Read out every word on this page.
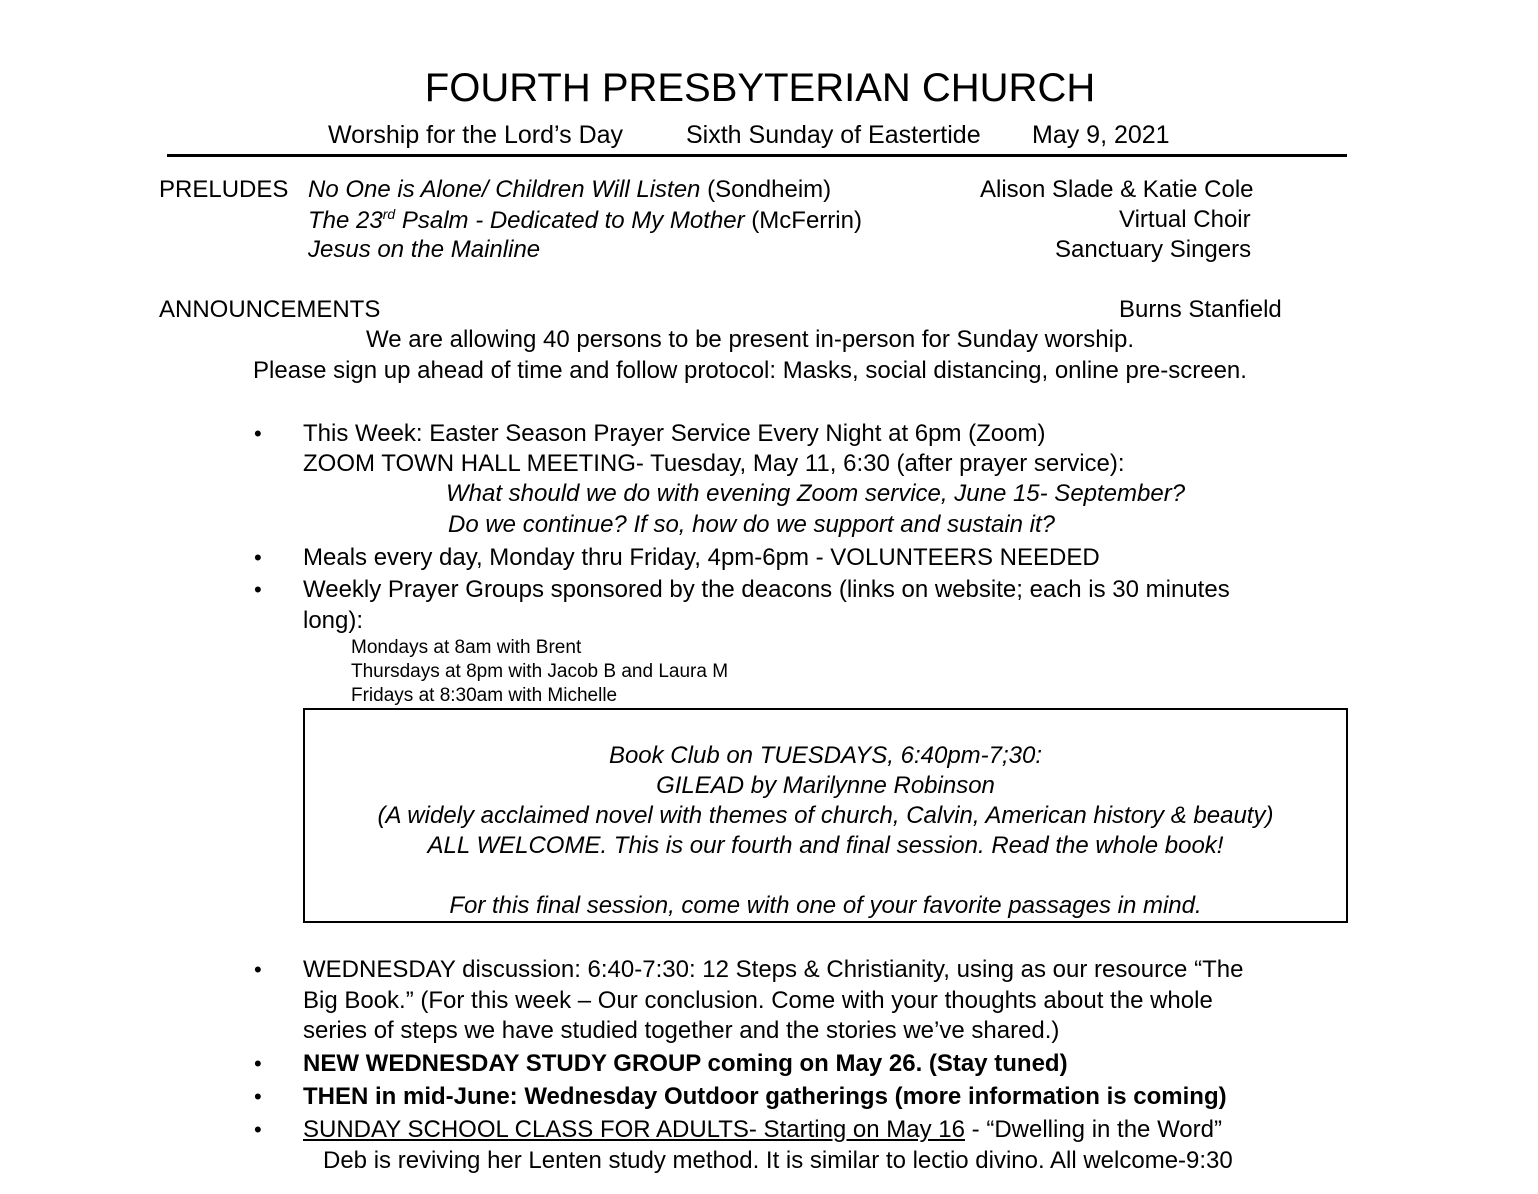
FOURTH PRESBYTERIAN CHURCH
Worship for the Lord’s Day	Sixth Sunday of Eastertide May 9, 2021
PRELUDES No One is Alone/ Children Will Listen (Sondheim)	Alison Slade & Katie Cole
The 23rd Psalm - Dedicated to My Mother (McFerrin)	Virtual Choir
Jesus on the Mainline	Sanctuary Singers
ANNOUNCEMENTS	Burns Stanfield
We are allowing 40 persons to be present in-person for Sunday worship.
Please sign up ahead of time and follow protocol: Masks, social distancing, online pre-screen.
• This Week: Easter Season Prayer Service Every Night at 6pm (Zoom)
ZOOM TOWN HALL MEETING- Tuesday, May 11, 6:30 (after prayer service):
What should we do with evening Zoom service, June 15- September?
Do we continue? If so, how do we support and sustain it?
• Meals every day, Monday thru Friday, 4pm-6pm - VOLUNTEERS NEEDED
• Weekly Prayer Groups sponsored by the deacons (links on website; each is 30 minutes
long):
Mondays at 8am with Brent
Thursdays at 8pm with Jacob B and Laura M
Fridays at 8:30am with Michelle
Book Club on TUESDAYS, 6:40pm-7;30:
GILEAD by Marilynne Robinson
(A widely acclaimed novel with themes of church, Calvin, American history & beauty)
ALL WELCOME. This is our fourth and final session. Read the whole book!
For this final session, come with one of your favorite passages in mind.
• WEDNESDAY discussion: 6:40-7:30: 12 Steps & Christianity, using as our resource “The
Big Book.” (For this week – Our conclusion. Come with your thoughts about the whole
series of steps we have studied together and the stories we’ve shared.)
• NEW WEDNESDAY STUDY GROUP coming on May 26. (Stay tuned)
• THEN in mid-June: Wednesday Outdoor gatherings (more information is coming)
• SUNDAY SCHOOL CLASS FOR ADULTS- Starting on May 16 - “Dwelling in the Word”
Deb is reviving her Lenten study method. It is similar to lectio divino. All welcome-9:30
